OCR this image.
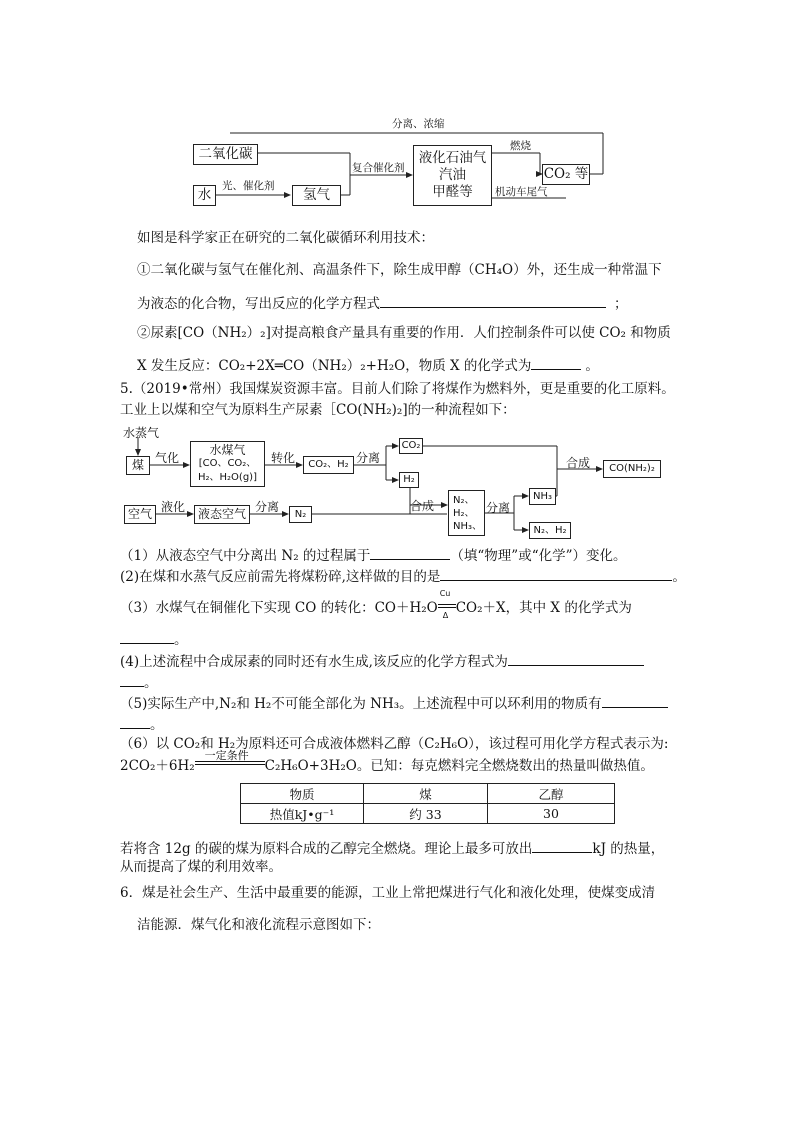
分离、浓缩
二氧化碳
水
光、催化剂
氢气
复合催化剂
液化石油气
汽油
甲醛等
燃烧
机动车尾气
CO₂ 等
如图是科学家正在研究的二氧化碳循环利用技术：
①二氧化碳与氢气在催化剂、高温条件下，除生成甲醇（CH₄O）外，还生成一种常温下
为液态的化合物，写出反应的化学方程式	；
②尿素[CO（NH₂）₂]对提高粮食产量具有重要的作用．人们控制条件可以使 CO₂ 和物质
X 发生反应：CO₂+2X═CO（NH₂）₂+H₂O，物质 X 的化学式为	。
5.（2019•常州）我国煤炭资源丰富。目前人们除了将煤作为燃料外，更是重要的化工原料。
工业上以煤和空气为原料生产尿素［CO(NH₂)₂]的一种流程如下：
水蒸气
煤 气化
水煤气
[CO、CO₂、
H₂、H₂O(g)]
转化	CO₂、H₂ 分离
CO₂
H₂
合成	CO(NH₂)₂
空气 液化	液态空气 分离
N₂
合成 N₂、
H₂、
NH₃、
分离
NH₃
N₂、H₂
（1）从液态空气中分离出 N₂ 的过程属于	（填“物理”或“化学”）变化。
(2)在煤和水蒸气反应前需先将煤粉碎,这样做的目的是	。
（3）水煤气在铜催化下实现 CO 的转化：$CO+H_2O \frac{Cu}{\Delta} CO_2+X$，其中 X 的化学式为
。
(4)上述流程中合成尿素的同时还有水生成,该反应的化学方程式为
。
（5)实际生产中,N₂和 H₂不可能全部化为 NH₃。上述流程中可以环利用的物质有
。
（6）以 CO₂和 H₂为原料还可合成液体燃料乙醇（C₂H₆O），该过程可用化学方程式表示为:
2CO₂＋6H₂
一定条件
C₂H₆O+3H₂O。已知：每克燃料完全燃烧数出的热量叫做热值。
物质	煤	乙醇
热值kJ•g⁻¹	约 33	30
若将含 12g 的碳的煤为原料合成的乙醇完全燃烧。理论上最多可放出	kJ 的热量，
从而提高了煤的利用效率。
6．煤是社会生产、生活中最重要的能源，工业上常把煤进行气化和液化处理，使煤变成清
洁能源．煤气化和液化流程示意图如下：
